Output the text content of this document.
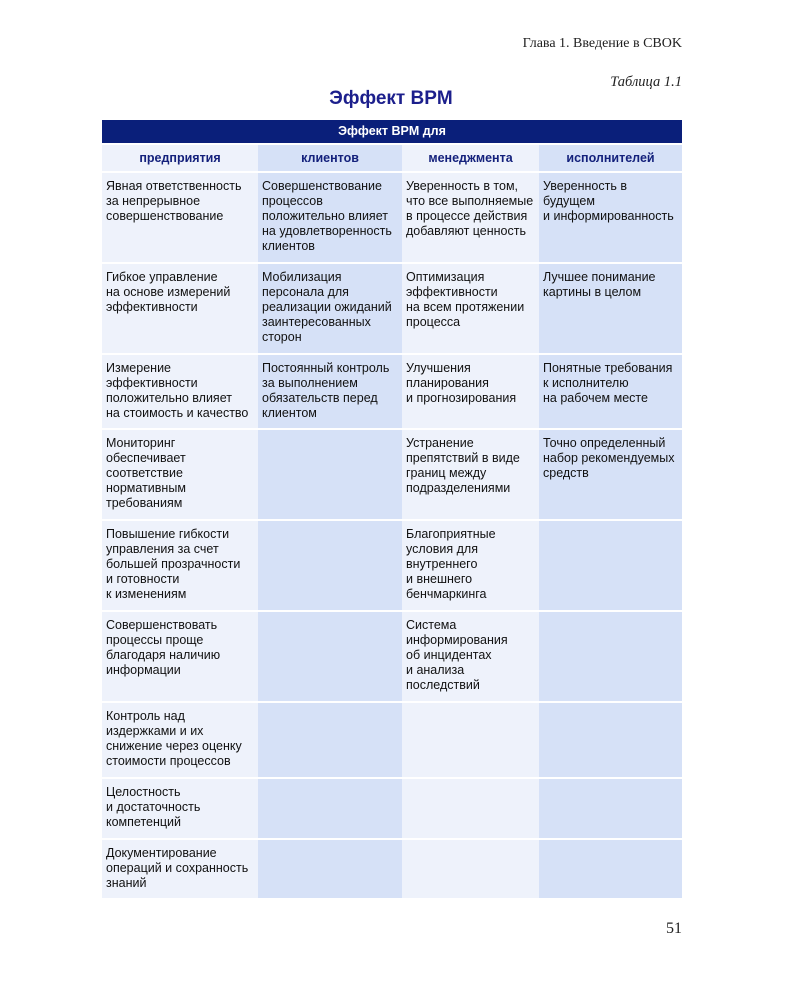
Глава 1. Введение в CBOK
Таблица 1.1
Эффект BPM
Эффект BPM для			
предприятия	клиентов	менеджмента	исполнителей
Явная ответственность
за непрерывное
совершенствование	Совершенствование
процессов
положительно влияет
на удовлетворенность
клиентов	Уверенность в том,
что все выполняемые
в процессе действия
добавляют ценность	Уверенность в будущем
и информированность
Гибкое управление
на основе измерений
эффективности	Мобилизация
персонала для
реализации ожиданий
заинтересованных
сторон	Оптимизация
эффективности
на всем протяжении
процесса	Лучшее понимание
картины в целом
Измерение
эффективности
положительно влияет
на стоимость и качество	Постоянный контроль
за выполнением
обязательств перед
клиентом	Улучшения
планирования
и прогнозирования	Понятные требования
к исполнителю
на рабочем месте
Мониторинг
обеспечивает
соответствие
нормативным
требованиям		Устранение
препятствий в виде
границ между
подразделениями	Точно определенный
набор рекомендуемых
средств
Повышение гибкости
управления за счет
большей прозрачности
и готовности
к изменениям		Благоприятные
условия для
внутреннего
и внешнего
бенчмаркинга	
Совершенствовать
процессы проще
благодаря наличию
информации		Система
информирования
об инцидентах
и анализа
последствий	
Контроль над
издержками и их
снижение через оценку
стоимости процессов			
Целостность
и достаточность
компетенций			
Документирование
операций и сохранность
знаний			
51
